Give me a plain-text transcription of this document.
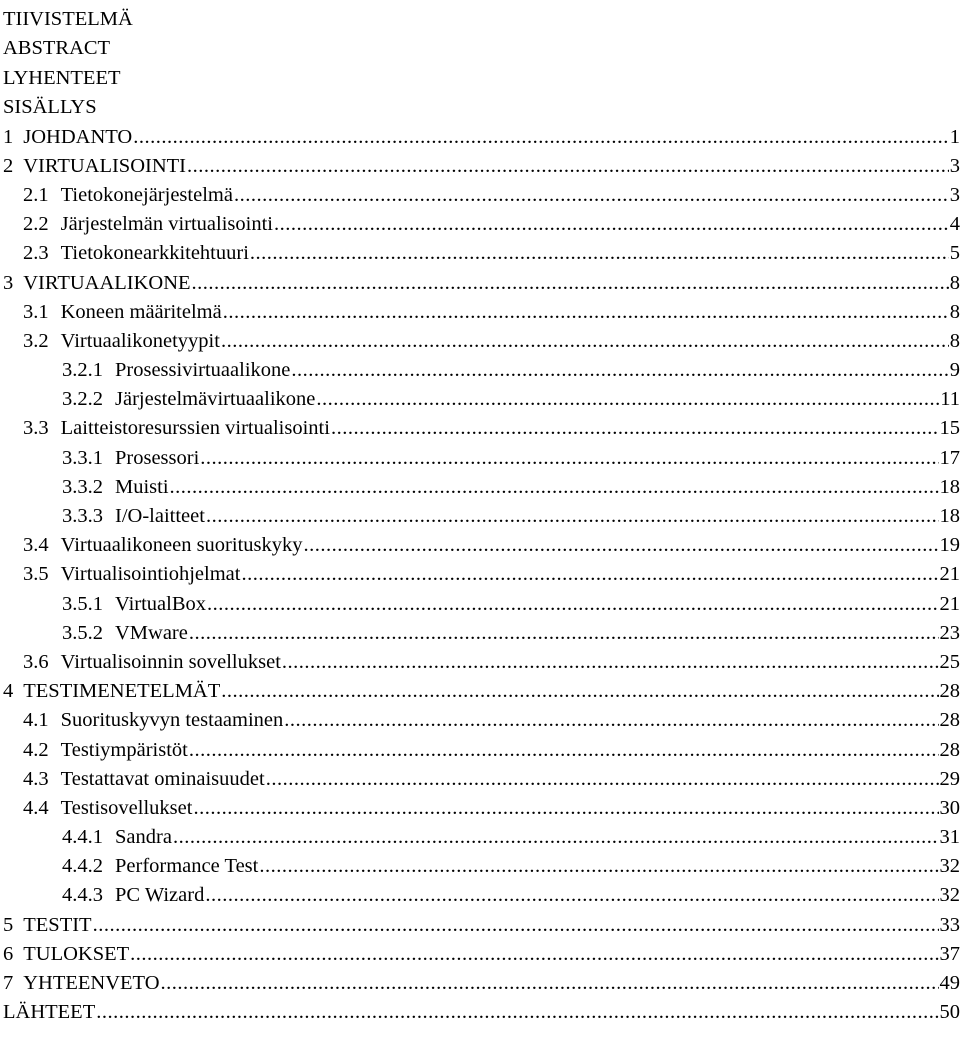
TIIVISTELMÄ
ABSTRACT
LYHENTEET
SISÄLLYS
1 JOHDANTO .....	1
2 VIRTUALISOINTI .....	3
2.1 Tietokonejärjestelmä .....	3
2.2 Järjestelmän virtualisointi .....	4
2.3 Tietokonearkkitehtuuri .....	5
3 VIRTUAALIKONE .....	8
3.1 Koneen määritelmä .....	8
3.2 Virtuaalikonetyypit .....	8
3.2.1 Prosessivirtuaalikone .....	9
3.2.2 Järjestelmävirtuaalikone .....	11
3.3 Laitteistoresurssien virtualisointi .....	15
3.3.1 Prosessori .....	17
3.3.2 Muisti .....	18
3.3.3 I/O-laitteet .....	18
3.4 Virtuaalikoneen suorituskyky .....	19
3.5 Virtualisointiohjelmat .....	21
3.5.1 VirtualBox .....	21
3.5.2 VMware .....	23
3.6 Virtualisoinnin sovellukset .....	25
4 TESTIMENETELMÄT .....	28
4.1 Suorituskyvyn testaaminen .....	28
4.2 Testiympäristöt .....	28
4.3 Testattavat ominaisuudet .....	29
4.4 Testisovellukset .....	30
4.4.1 Sandra .....	31
4.4.2 Performance Test .....	32
4.4.3 PC Wizard .....	32
5 TESTIT .....	33
6 TULOKSET .....	37
7 YHTEENVETO .....	49
LÄHTEET .....	50
